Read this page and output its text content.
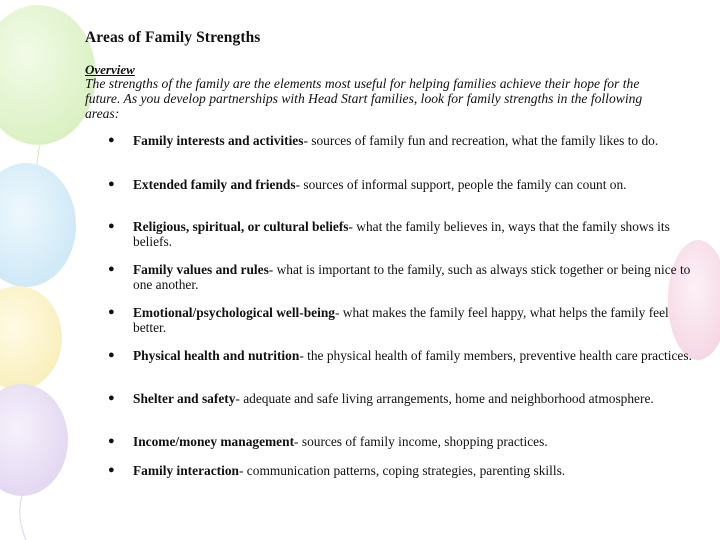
Areas of Family Strengths
Overview
The strengths of the family are the elements most useful for helping families achieve their hope for the future. As you develop partnerships with Head Start families, look for family strengths in the following areas:
● Family interests and activities- sources of family fun and recreation, what the family likes to do.
● Extended family and friends- sources of informal support, people the family can count on.
● Religious, spiritual, or cultural beliefs- what the family believes in, ways that the family shows its beliefs.
● Family values and rules- what is important to the family, such as always stick together or being nice to one another.
● Emotional/psychological well-being- what makes the family feel happy, what helps the family feel better.
● Physical health and nutrition- the physical health of family members, preventive health care practices.
● Shelter and safety- adequate and safe living arrangements, home and neighborhood atmosphere.
● Income/money management- sources of family income, shopping practices.
● Family interaction- communication patterns, coping strategies, parenting skills.
